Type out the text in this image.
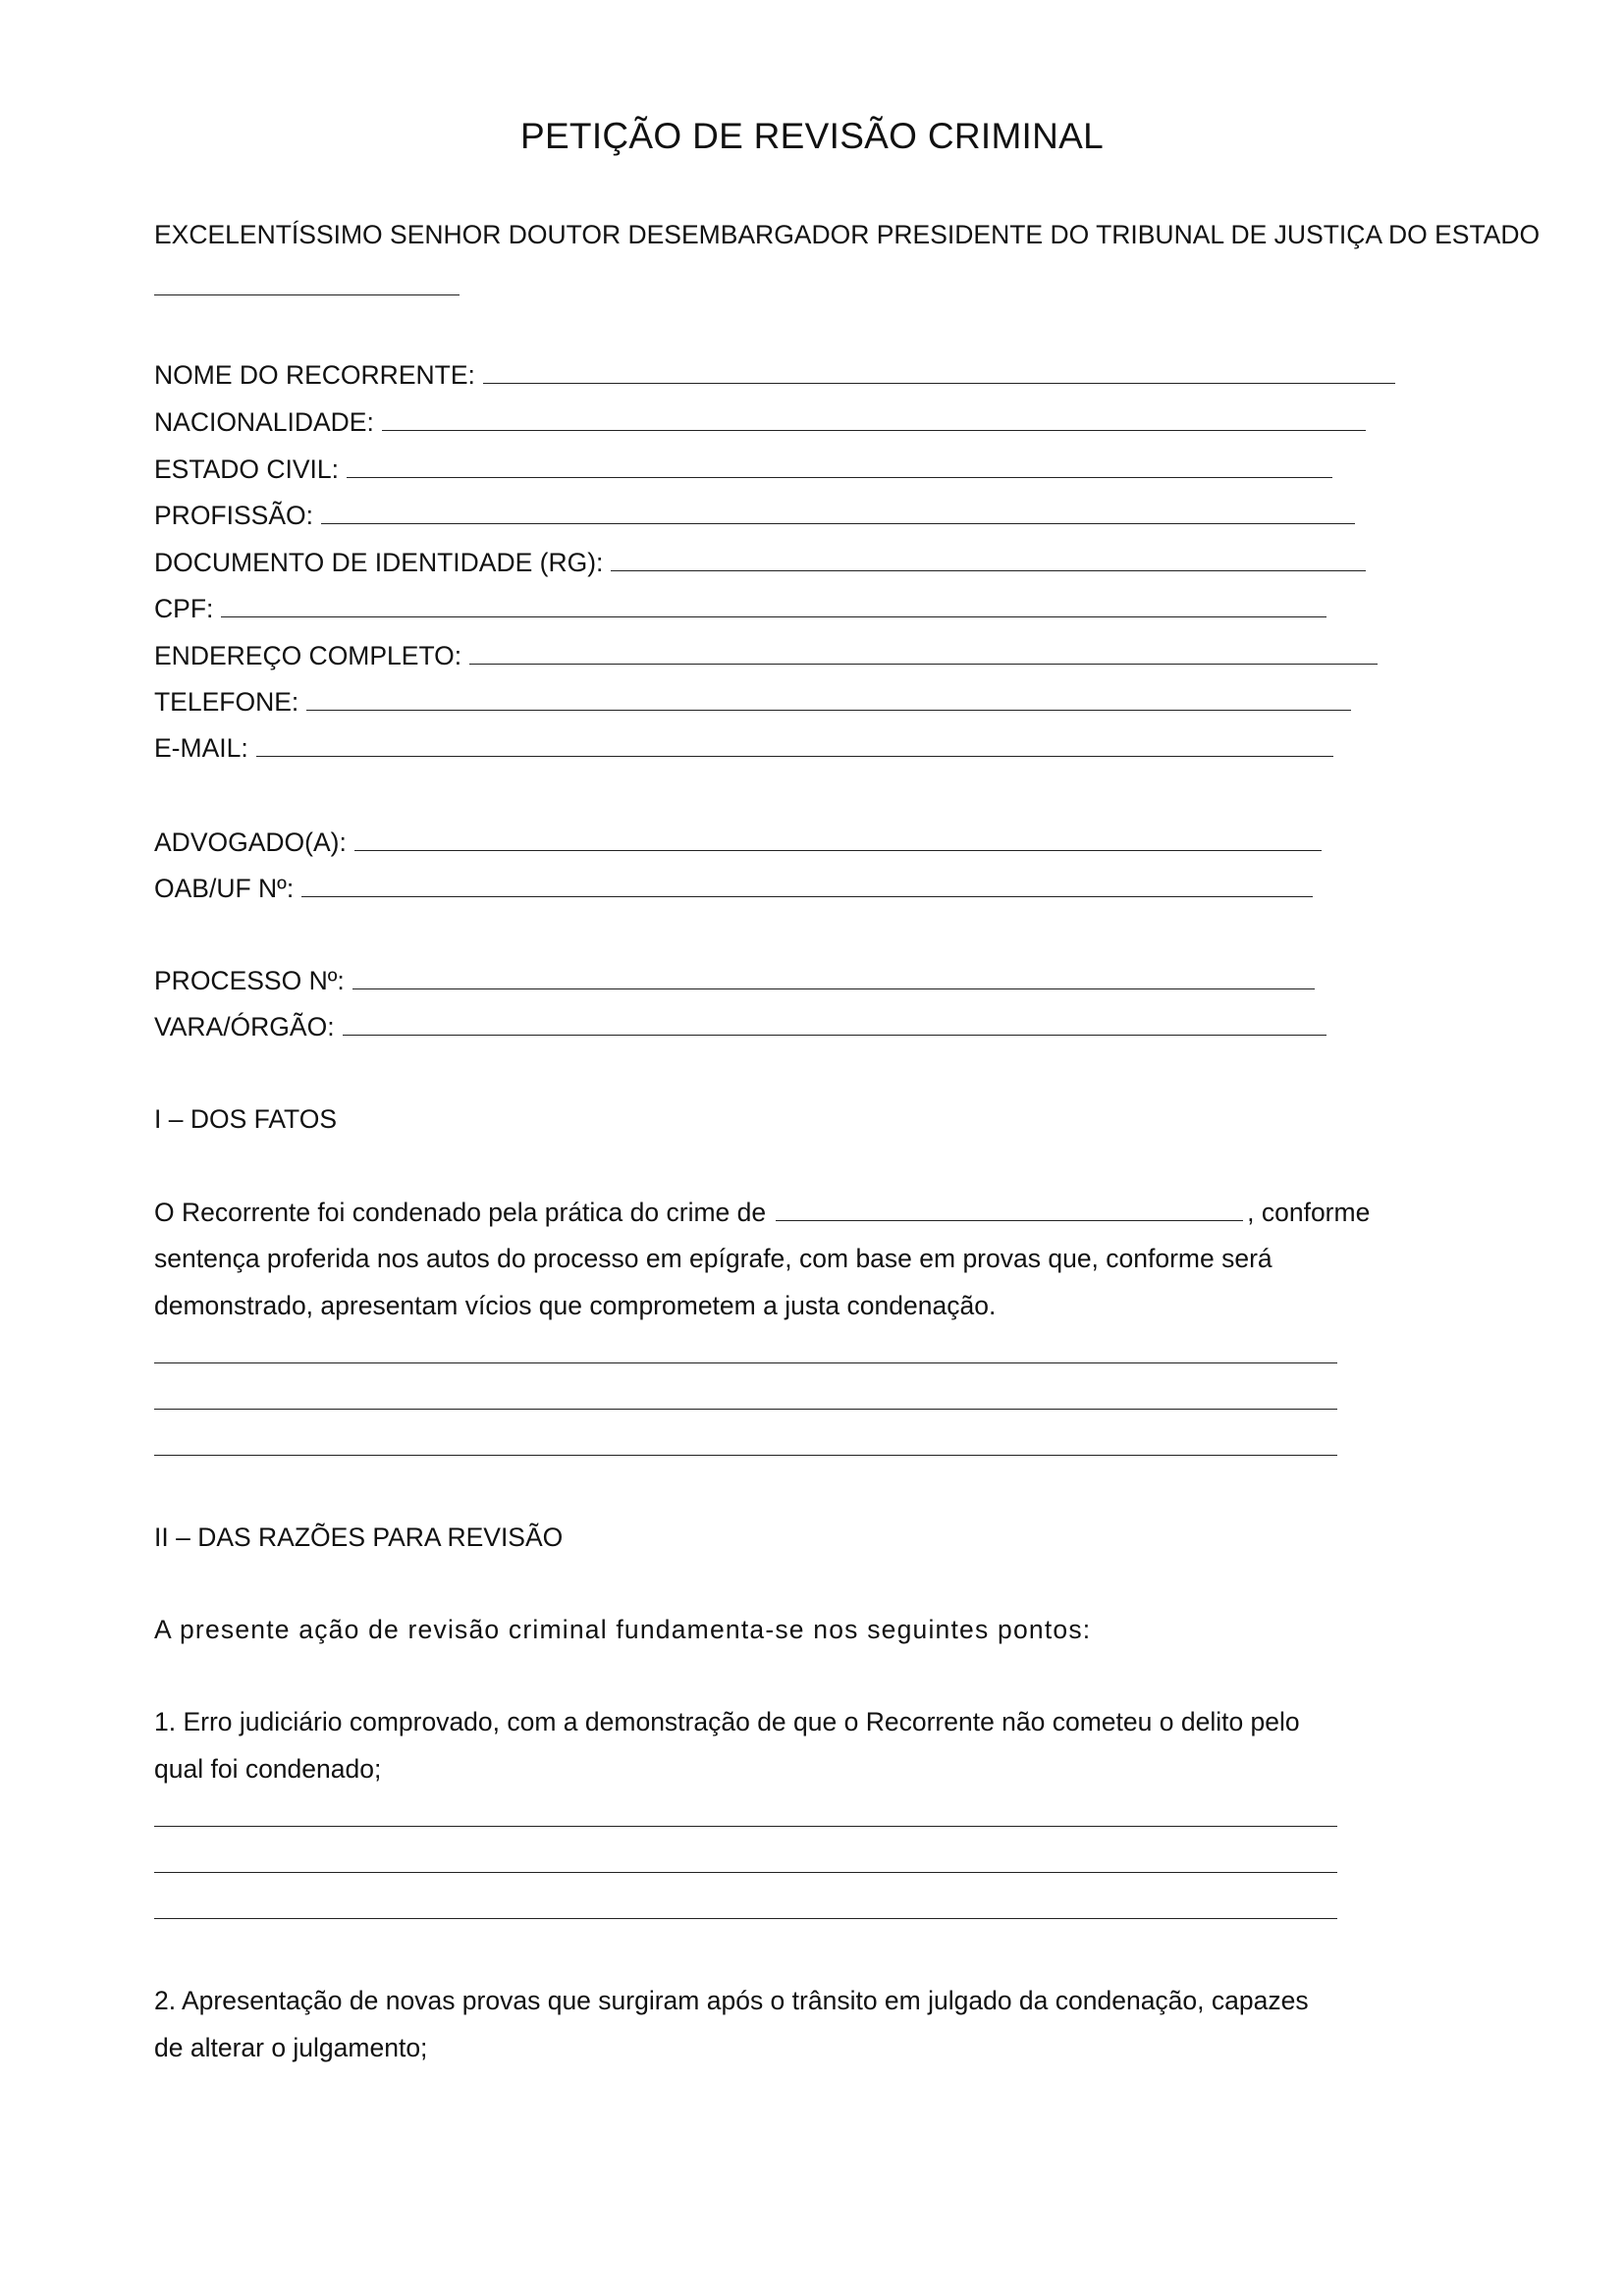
PETIÇÃO DE REVISÃO CRIMINAL
EXCELENTÍSSIMO SENHOR DOUTOR DESEMBARGADOR PRESIDENTE DO TRIBUNAL DE JUSTIÇA DO ESTADO
NOME DO RECORRENTE:
NACIONALIDADE:
ESTADO CIVIL:
PROFISSÃO:
DOCUMENTO DE IDENTIDADE (RG):
CPF:
ENDEREÇO COMPLETO:
TELEFONE:
E-MAIL:
ADVOGADO(A):
OAB/UF Nº:
PROCESSO Nº:
VARA/ÓRGÃO:
I – DOS FATOS
O Recorrente foi condenado pela prática do crime de	, conforme
sentença proferida nos autos do processo em epígrafe, com base em provas que, conforme será
demonstrado, apresentam vícios que comprometem a justa condenação.
II – DAS RAZÕES PARA REVISÃO
A presente ação de revisão criminal fundamenta-se nos seguintes pontos:
1. Erro judiciário comprovado, com a demonstração de que o Recorrente não cometeu o delito pelo
qual foi condenado;
2. Apresentação de novas provas que surgiram após o trânsito em julgado da condenação, capazes
de alterar o julgamento;
